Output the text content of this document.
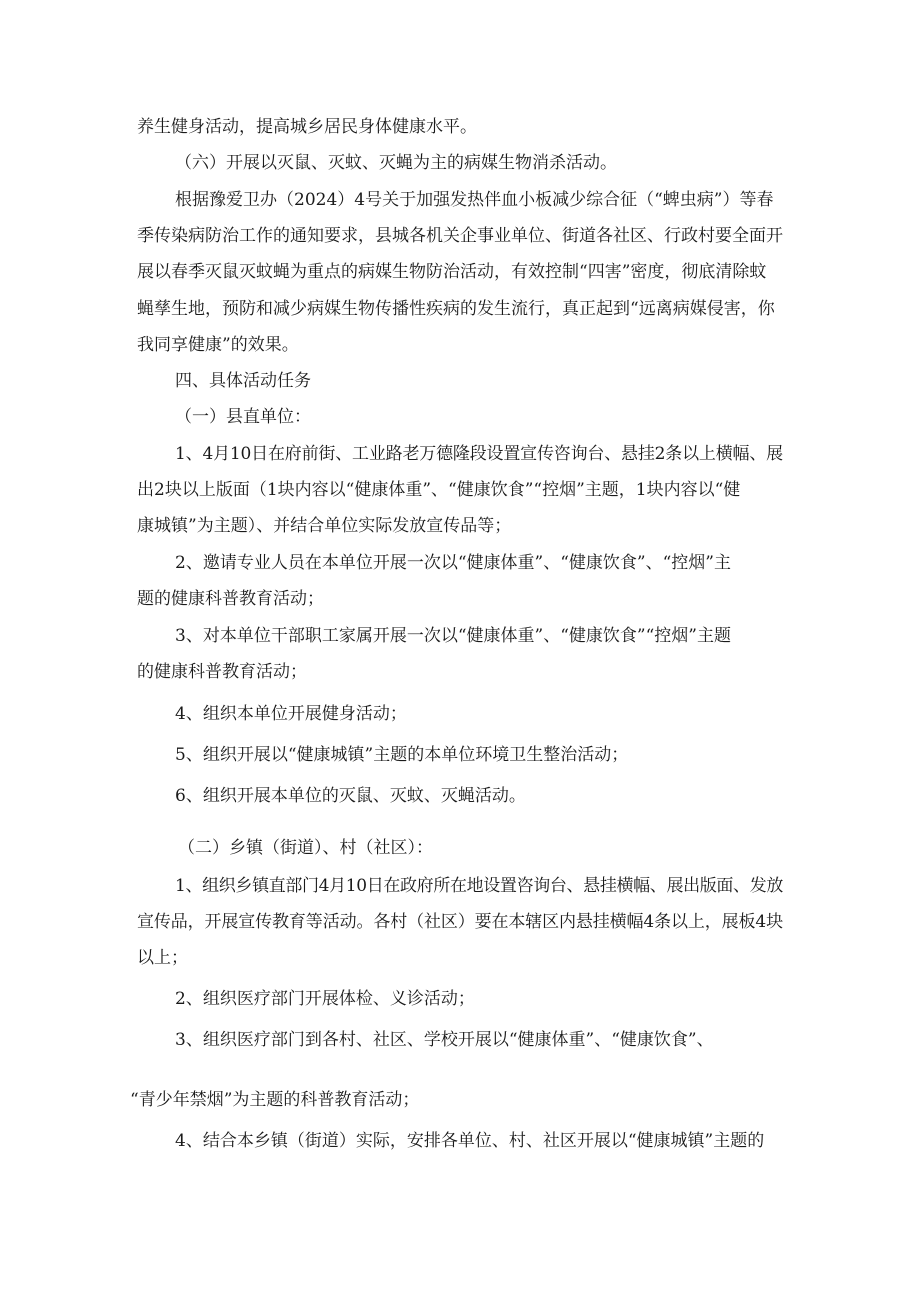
养生健身活动，提高城乡居民身体健康水平。
（六）开展以灭鼠、灭蚊、灭蝇为主的病媒生物消杀活动。
根据豫爱卫办（2024）4号关于加强发热伴血小板减少综合征（“蜱虫病”）等春
季传染病防治工作的通知要求，县城各机关企事业单位、街道各社区、行政村要全面开
展以春季灭鼠灭蚊蝇为重点的病媒生物防治活动，有效控制“四害”密度，彻底清除蚊
蝇孳生地，预防和减少病媒生物传播性疾病的发生流行，真正起到“远离病媒侵害，你
我同享健康”的效果。
四、具体活动任务
（一）县直单位：
1、4月10日在府前街、工业路老万德隆段设置宣传咨询台、悬挂2条以上横幅、展
出2块以上版面（1块内容以“健康体重”、“健康饮食”“控烟”主题，1块内容以“健
康城镇”为主题）、并结合单位实际发放宣传品等；
2、邀请专业人员在本单位开展一次以“健康体重”、“健康饮食”、“控烟”主
题的健康科普教育活动；
3、对本单位干部职工家属开展一次以“健康体重”、“健康饮食”“控烟”主题
的健康科普教育活动；
4、组织本单位开展健身活动；
5、组织开展以“健康城镇”主题的本单位环境卫生整治活动；
6、组织开展本单位的灭鼠、灭蚊、灭蝇活动。
（二）乡镇（街道）、村（社区）：
1、组织乡镇直部门4月10日在政府所在地设置咨询台、悬挂横幅、展出版面、发放
宣传品，开展宣传教育等活动。各村（社区）要在本辖区内悬挂横幅4条以上，展板4块
以上；
2、组织医疗部门开展体检、义诊活动；
3、组织医疗部门到各村、社区、学校开展以“健康体重”、“健康饮食”、
“青少年禁烟”为主题的科普教育活动；
4、结合本乡镇（街道）实际，安排各单位、村、社区开展以“健康城镇”主题的
